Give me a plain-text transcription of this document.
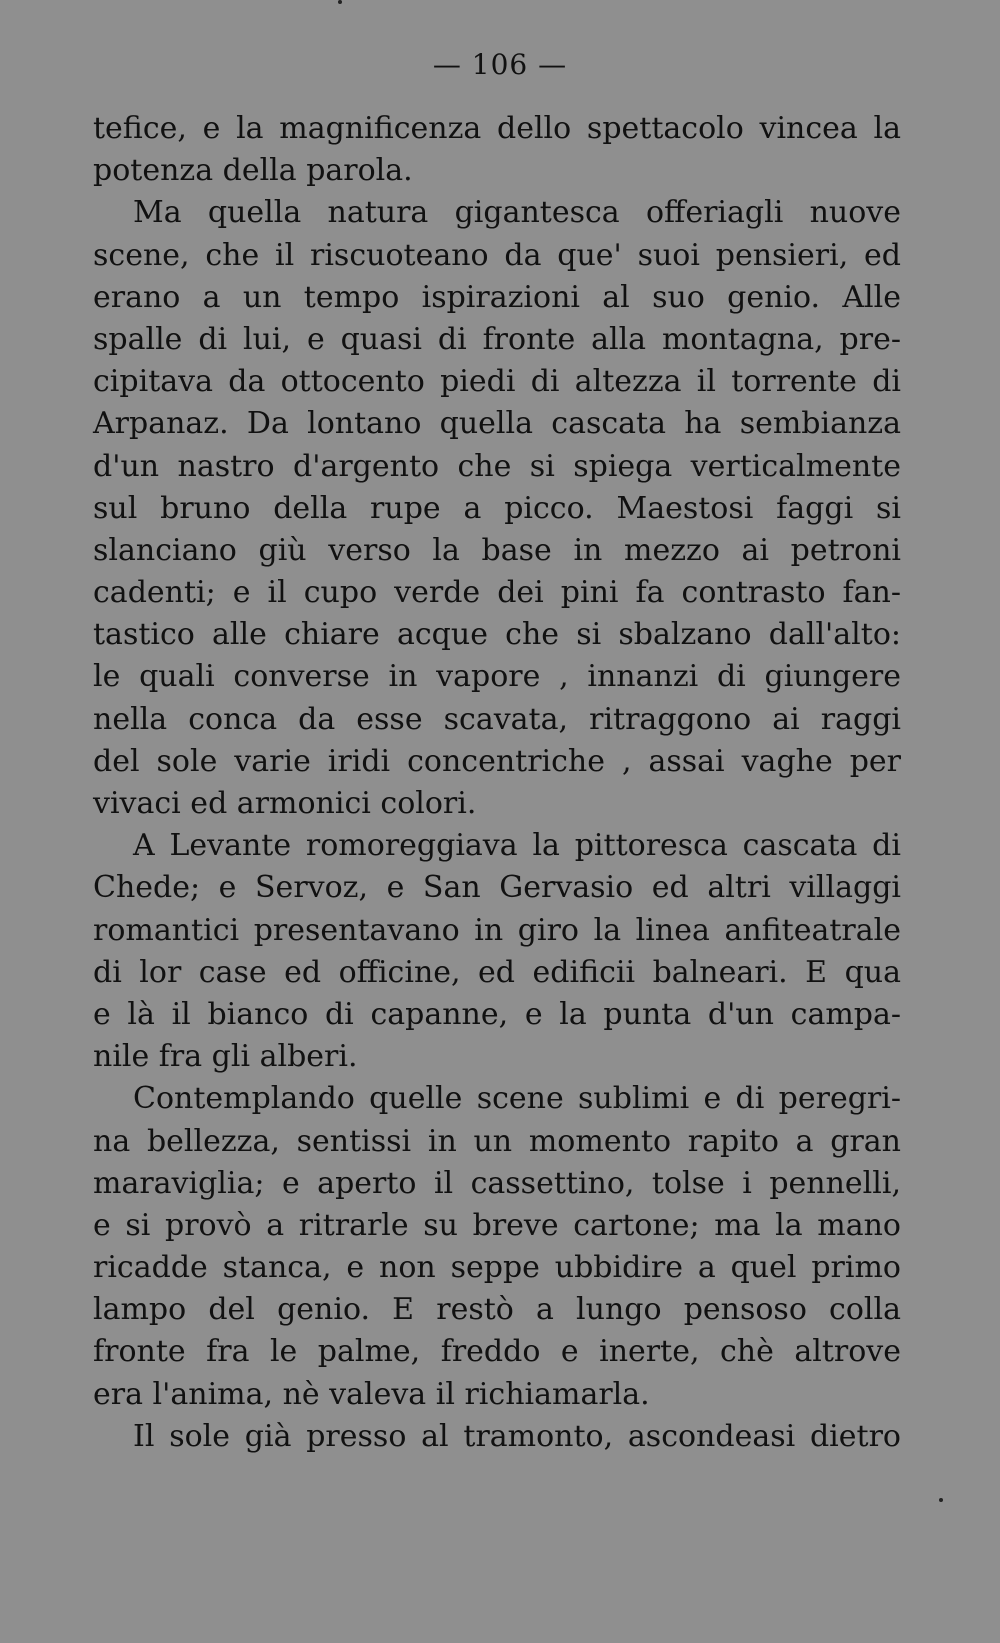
— 106 —
tefice, e la magnificenza dello spettacolo vincea la
potenza della parola.
Ma quella natura gigantesca offeriagli nuove
scene, che il riscuoteano da que' suoi pensieri, ed
erano a un tempo ispirazioni al suo genio. Alle
spalle di lui, e quasi di fronte alla montagna, pre-
cipitava da ottocento piedi di altezza il torrente di
Arpanaz. Da lontano quella cascata ha sembianza
d'un nastro d'argento che si spiega verticalmente
sul bruno della rupe a picco. Maestosi faggi si
slanciano giù verso la base in mezzo ai petroni
cadenti; e il cupo verde dei pini fa contrasto fan-
tastico alle chiare acque che si sbalzano dall'alto:
le quali converse in vapore , innanzi di giungere
nella conca da esse scavata, ritraggono ai raggi
del sole varie iridi concentriche , assai vaghe per
vivaci ed armonici colori.
A Levante romoreggiava la pittoresca cascata di
Chede; e Servoz, e San Gervasio ed altri villaggi
romantici presentavano in giro la linea anfiteatrale
di lor case ed officine, ed edificii balneari. E qua
e là il bianco di capanne, e la punta d'un campa-
nile fra gli alberi.
Contemplando quelle scene sublimi e di peregri-
na bellezza, sentissi in un momento rapito a gran
maraviglia; e aperto il cassettino, tolse i pennelli,
e si provò a ritrarle su breve cartone; ma la mano
ricadde stanca, e non seppe ubbidire a quel primo
lampo del genio. E restò a lungo pensoso colla
fronte fra le palme, freddo e inerte, chè altrove
era l'anima, nè valeva il richiamarla.
Il sole già presso al tramonto, ascondeasi dietro
